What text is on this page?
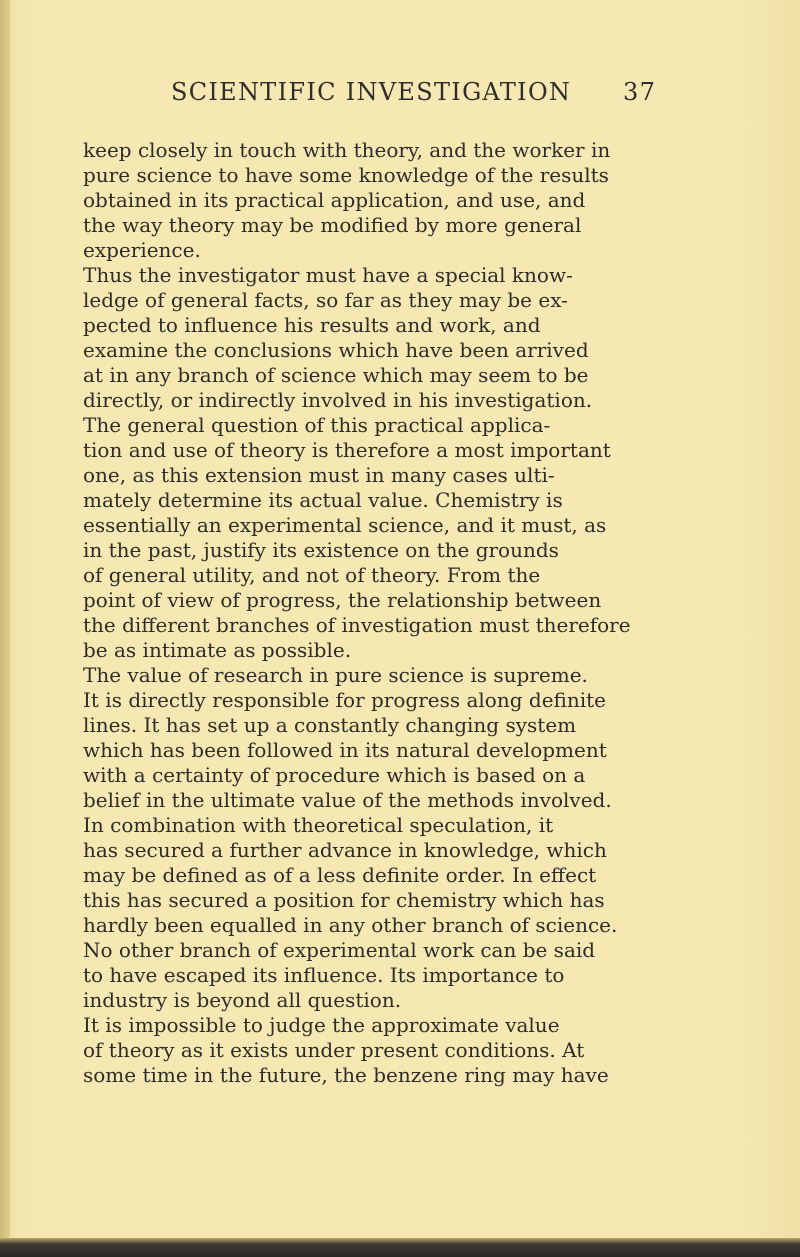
SCIENTIFIC INVESTIGATION 37
keep closely in touch with theory, and the worker in
pure science to have some knowledge of the results
obtained in its practical application, and use, and
the way theory may be modified by more general
experience.
Thus the investigator must have a special know-
ledge of general facts, so far as they may be ex-
pected to influence his results and work, and
examine the conclusions which have been arrived
at in any branch of science which may seem to be
directly, or indirectly involved in his investigation.
The general question of this practical applica-
tion and use of theory is therefore a most important
one, as this extension must in many cases ulti-
mately determine its actual value. Chemistry is
essentially an experimental science, and it must, as
in the past, justify its existence on the grounds
of general utility, and not of theory. From the
point of view of progress, the relationship between
the different branches of investigation must therefore
be as intimate as possible.
The value of research in pure science is supreme.
It is directly responsible for progress along definite
lines. It has set up a constantly changing system
which has been followed in its natural development
with a certainty of procedure which is based on a
belief in the ultimate value of the methods involved.
In combination with theoretical speculation, it
has secured a further advance in knowledge, which
may be defined as of a less definite order. In effect
this has secured a position for chemistry which has
hardly been equalled in any other branch of science.
No other branch of experimental work can be said
to have escaped its influence. Its importance to
industry is beyond all question.
It is impossible to judge the approximate value
of theory as it exists under present conditions. At
some time in the future, the benzene ring may have
